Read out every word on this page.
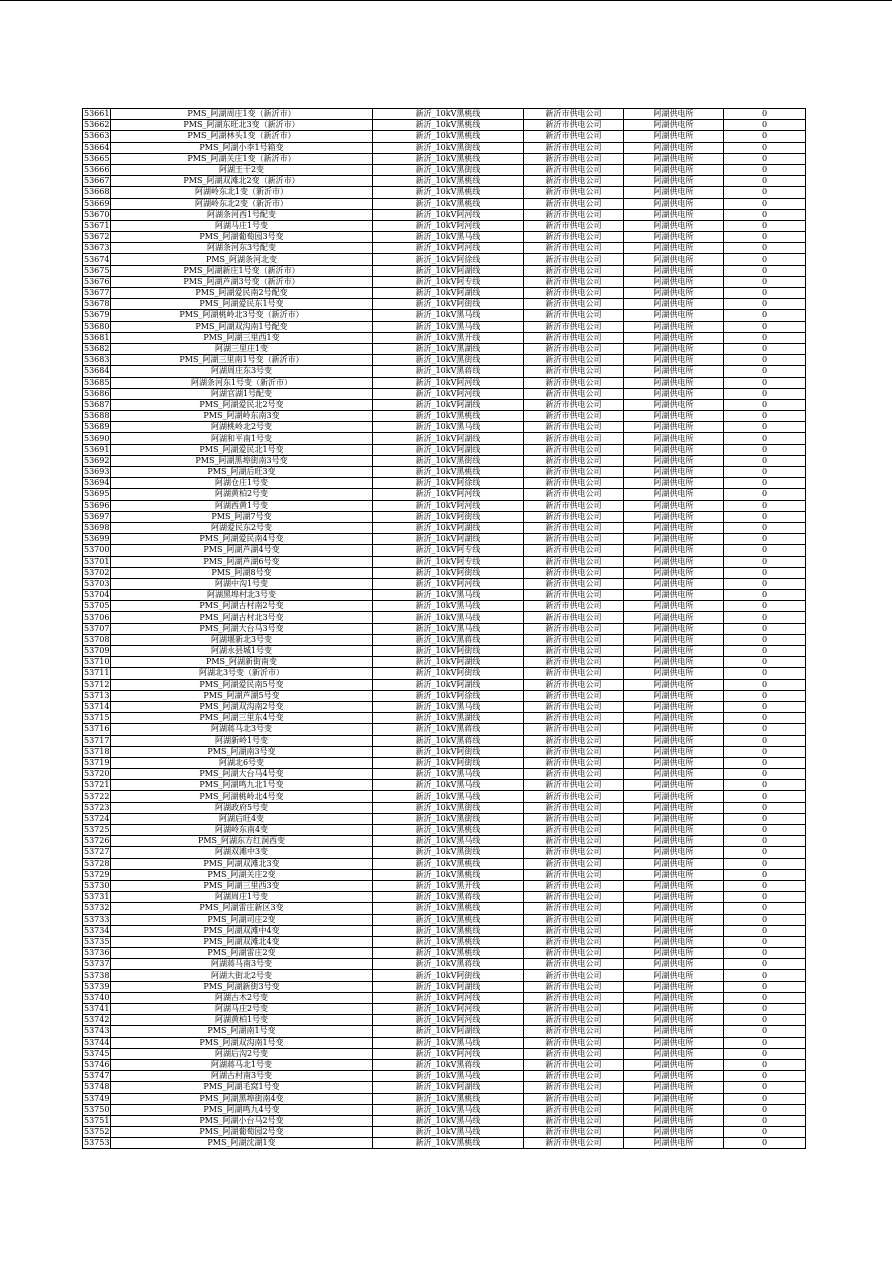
53661	PMS_阿湖周庄1变（新沂市）	新沂_10kV黑桃线	新沂市供电公司	阿湖供电所	0
53662	PMS_阿湖东旺北3变（新沂市）	新沂_10kV黑桃线	新沂市供电公司	阿湖供电所	0
53663	PMS_阿湖林头1变（新沂市）	新沂_10kV黑桃线	新沂市供电公司	阿湖供电所	0
53664	PMS_阿湖小李1号箱变	新沂_10kV黑街线	新沂市供电公司	阿湖供电所	0
53665	PMS_阿湖关庄1变（新沂市）	新沂_10kV黑桃线	新沂市供电公司	阿湖供电所	0
53666	阿湖王干2变	新沂_10kV黑街线	新沂市供电公司	阿湖供电所	0
53667	PMS_阿湖双滩北2变（新沂市）	新沂_10kV黑桃线	新沂市供电公司	阿湖供电所	0
53668	阿湖岭东北1变（新沂市）	新沂_10kV黑桃线	新沂市供电公司	阿湖供电所	0
53669	阿湖岭东北2变（新沂市）	新沂_10kV黑桃线	新沂市供电公司	阿湖供电所	0
53670	阿湖条河西1号配变	新沂_10kV阿河线	新沂市供电公司	阿湖供电所	0
53671	阿湖马庄1号变	新沂_10kV阿河线	新沂市供电公司	阿湖供电所	0
53672	PMS_阿湖葡萄园3号变	新沂_10kV黑马线	新沂市供电公司	阿湖供电所	0
53673	阿湖条河东3号配变	新沂_10kV阿河线	新沂市供电公司	阿湖供电所	0
53674	PMS_阿湖条河北变	新沂_10kV阿徐线	新沂市供电公司	阿湖供电所	0
53675	PMS_阿湖新庄1号变（新沂市）	新沂_10kV阿湖线	新沂市供电公司	阿湖供电所	0
53676	PMS_阿湖芦湖3号变（新沂市）	新沂_10kV阿专线	新沂市供电公司	阿湖供电所	0
53677	PMS_阿湖爱民南2号配变	新沂_10kV阿湖线	新沂市供电公司	阿湖供电所	0
53678	PMS_阿湖爱民东1号变	新沂_10kV阿街线	新沂市供电公司	阿湖供电所	0
53679	PMS_阿湖桃岭北3号变（新沂市）	新沂_10kV黑马线	新沂市供电公司	阿湖供电所	0
53680	PMS_阿湖双沟南1号配变	新沂_10kV黑马线	新沂市供电公司	阿湖供电所	0
53681	PMS_阿湖三里西1变	新沂_10kV黑开线	新沂市供电公司	阿湖供电所	0
53682	阿湖三里庄1变	新沂_10kV黑湖线	新沂市供电公司	阿湖供电所	0
53683	PMS_阿湖三里南1号变（新沂市）	新沂_10kV黑街线	新沂市供电公司	阿湖供电所	0
53684	阿湖周庄东3号变	新沂_10kV黑蒋线	新沂市供电公司	阿湖供电所	0
53685	阿湖条河东1号变（新沂市）	新沂_10kV阿河线	新沂市供电公司	阿湖供电所	0
53686	阿湖官湖1号配变	新沂_10kV阿河线	新沂市供电公司	阿湖供电所	0
53687	PMS_阿湖爱民北2号变	新沂_10kV阿湖线	新沂市供电公司	阿湖供电所	0
53688	PMS_阿湖岭东南3变	新沂_10kV黑桃线	新沂市供电公司	阿湖供电所	0
53689	阿湖桃岭北2号变	新沂_10kV黑马线	新沂市供电公司	阿湖供电所	0
53690	阿湖和平南1号变	新沂_10kV阿湖线	新沂市供电公司	阿湖供电所	0
53691	PMS_阿湖爱民北1号变	新沂_10kV阿湖线	新沂市供电公司	阿湖供电所	0
53692	PMS_阿湖黑埠街南3号变	新沂_10kV黑街线	新沂市供电公司	阿湖供电所	0
53693	PMS_阿湖后旺3变	新沂_10kV黑桃线	新沂市供电公司	阿湖供电所	0
53694	阿湖仓庄1号变	新沂_10kV阿徐线	新沂市供电公司	阿湖供电所	0
53695	阿湖黄柏2号变	新沂_10kV阿河线	新沂市供电公司	阿湖供电所	0
53696	阿湖西黄1号变	新沂_10kV阿河线	新沂市供电公司	阿湖供电所	0
53697	PMS_阿湖7号变	新沂_10kV阿街线	新沂市供电公司	阿湖供电所	0
53698	阿湖爱民东2号变	新沂_10kV阿湖线	新沂市供电公司	阿湖供电所	0
53699	PMS_阿湖爱民南4号变	新沂_10kV阿湖线	新沂市供电公司	阿湖供电所	0
53700	PMS_阿湖芦湖4号变	新沂_10kV阿专线	新沂市供电公司	阿湖供电所	0
53701	PMS_阿湖芦湖6号变	新沂_10kV阿专线	新沂市供电公司	阿湖供电所	0
53702	PMS_阿湖8号变	新沂_10kV阿街线	新沂市供电公司	阿湖供电所	0
53703	阿湖中沟1号变	新沂_10kV阿河线	新沂市供电公司	阿湖供电所	0
53704	阿湖黑埠村北3号变	新沂_10kV黑马线	新沂市供电公司	阿湖供电所	0
53705	PMS_阿湖古村南2号变	新沂_10kV黑马线	新沂市供电公司	阿湖供电所	0
53706	PMS_阿湖古村北3号变	新沂_10kV黑马线	新沂市供电公司	阿湖供电所	0
53707	PMS_阿湖大台马3号变	新沂_10kV黑马线	新沂市供电公司	阿湖供电所	0
53708	阿湖堰新北3号变	新沂_10kV黑蒋线	新沂市供电公司	阿湖供电所	0
53709	阿湖永县城1号变	新沂_10kV阿街线	新沂市供电公司	阿湖供电所	0
53710	PMS_阿湖新街南变	新沂_10kV阿湖线	新沂市供电公司	阿湖供电所	0
53711	阿湖北3号变（新沂市）	新沂_10kV阿街线	新沂市供电公司	阿湖供电所	0
53712	PMS_阿湖爱民南5号变	新沂_10kV阿湖线	新沂市供电公司	阿湖供电所	0
53713	PMS_阿湖芦湖5号变	新沂_10kV阿徐线	新沂市供电公司	阿湖供电所	0
53714	PMS_阿湖双沟南2号变	新沂_10kV黑马线	新沂市供电公司	阿湖供电所	0
53715	PMS_阿湖三里东4号变	新沂_10kV黑湖线	新沂市供电公司	阿湖供电所	0
53716	阿湖蒋马北3号变	新沂_10kV黑蒋线	新沂市供电公司	阿湖供电所	0
53717	阿湖新岭1号变	新沂_10kV黑蒋线	新沂市供电公司	阿湖供电所	0
53718	PMS_阿湖南3号变	新沂_10kV阿街线	新沂市供电公司	阿湖供电所	0
53719	阿湖北6号变	新沂_10kV阿街线	新沂市供电公司	阿湖供电所	0
53720	PMS_阿湖大台马4号变	新沂_10kV黑马线	新沂市供电公司	阿湖供电所	0
53721	PMS_阿湖鸣九北1号变	新沂_10kV黑马线	新沂市供电公司	阿湖供电所	0
53722	PMS_阿湖桃岭北4号变	新沂_10kV黑马线	新沂市供电公司	阿湖供电所	0
53723	阿湖政府5号变	新沂_10kV黑街线	新沂市供电公司	阿湖供电所	0
53724	阿湖后旺4变	新沂_10kV黑街线	新沂市供电公司	阿湖供电所	0
53725	阿湖岭东南4变	新沂_10kV黑桃线	新沂市供电公司	阿湖供电所	0
53726	PMS_阿湖东方红洞西变	新沂_10kV黑马线	新沂市供电公司	阿湖供电所	0
53727	阿湖双滩中3变	新沂_10kV黑街线	新沂市供电公司	阿湖供电所	0
53728	PMS_阿湖双滩北3变	新沂_10kV黑桃线	新沂市供电公司	阿湖供电所	0
53729	PMS_阿湖关庄2变	新沂_10kV黑桃线	新沂市供电公司	阿湖供电所	0
53730	PMS_阿湖三里西3变	新沂_10kV黑开线	新沂市供电公司	阿湖供电所	0
53731	阿湖周庄1号变	新沂_10kV黑蒋线	新沂市供电公司	阿湖供电所	0
53732	PMS_阿湖雷庄新区3变	新沂_10kV黑桃线	新沂市供电公司	阿湖供电所	0
53733	PMS_阿湖司庄2变	新沂_10kV黑桃线	新沂市供电公司	阿湖供电所	0
53734	PMS_阿湖双滩中4变	新沂_10kV黑桃线	新沂市供电公司	阿湖供电所	0
53735	PMS_阿湖双滩北4变	新沂_10kV黑桃线	新沂市供电公司	阿湖供电所	0
53736	PMS_阿湖雷庄2变	新沂_10kV黑桃线	新沂市供电公司	阿湖供电所	0
53737	阿湖蒋马南3号变	新沂_10kV黑蒋线	新沂市供电公司	阿湖供电所	0
53738	阿湖大街北2号变	新沂_10kV阿街线	新沂市供电公司	阿湖供电所	0
53739	PMS_阿湖新街3号变	新沂_10kV阿湖线	新沂市供电公司	阿湖供电所	0
53740	阿湖古木2号变	新沂_10kV阿河线	新沂市供电公司	阿湖供电所	0
53741	阿湖马庄2号变	新沂_10kV阿河线	新沂市供电公司	阿湖供电所	0
53742	阿湖黄柏1号变	新沂_10kV阿河线	新沂市供电公司	阿湖供电所	0
53743	PMS_阿湖南1号变	新沂_10kV阿湖线	新沂市供电公司	阿湖供电所	0
53744	PMS_阿湖双沟南1号变	新沂_10kV黑马线	新沂市供电公司	阿湖供电所	0
53745	阿湖后沟2号变	新沂_10kV阿河线	新沂市供电公司	阿湖供电所	0
53746	阿湖蒋马北1号变	新沂_10kV黑蒋线	新沂市供电公司	阿湖供电所	0
53747	阿湖古村南3号变	新沂_10kV黑马线	新沂市供电公司	阿湖供电所	0
53748	PMS_阿湖毛窝1号变	新沂_10kV阿湖线	新沂市供电公司	阿湖供电所	0
53749	PMS_阿湖黑埠街南4变	新沂_10kV黑桃线	新沂市供电公司	阿湖供电所	0
53750	PMS_阿湖鸣九4号变	新沂_10kV黑马线	新沂市供电公司	阿湖供电所	0
53751	PMS_阿湖小台马2号变	新沂_10kV黑马线	新沂市供电公司	阿湖供电所	0
53752	PMS_阿湖葡萄园2号变	新沂_10kV黑马线	新沂市供电公司	阿湖供电所	0
53753	PMS_阿湖沈湖1变	新沂_10kV黑桃线	新沂市供电公司	阿湖供电所	0
